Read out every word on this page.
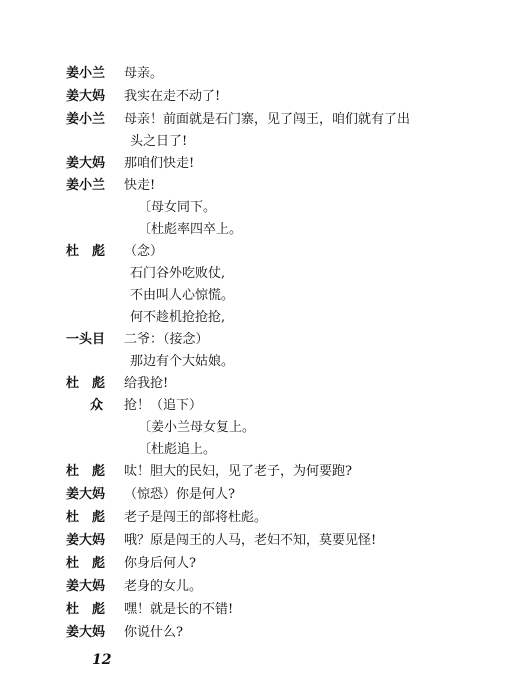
姜小兰 母亲。
姜大妈 我实在走不动了!
姜小兰 母亲！前面就是石门寨，见了闯王，咱们就有了出
头之日了!
姜大妈 那咱们快走!
姜小兰 快走!
〔母女同下。
〔杜彪率四卒上。
杜　彪 （念）
石门谷外吃败仗,
不由叫人心惊慌。
何不趁机抢抢抢,
一头目 二爷：（接念）
那边有个大姑娘。
杜　彪 给我抢!
众 抢！（追下）
〔姜小兰母女复上。
〔杜彪追上。
杜　彪 呔！胆大的民妇，见了老子，为何要跑?
姜大妈 （惊恐）你是何人?
杜　彪 老子是闯王的部将杜彪。
姜大妈 哦？原是闯王的人马，老妇不知，莫要见怪!
杜　彪 你身后何人?
姜大妈 老身的女儿。
杜　彪 嘿！就是长的不错!
姜大妈 你说什么?
12
